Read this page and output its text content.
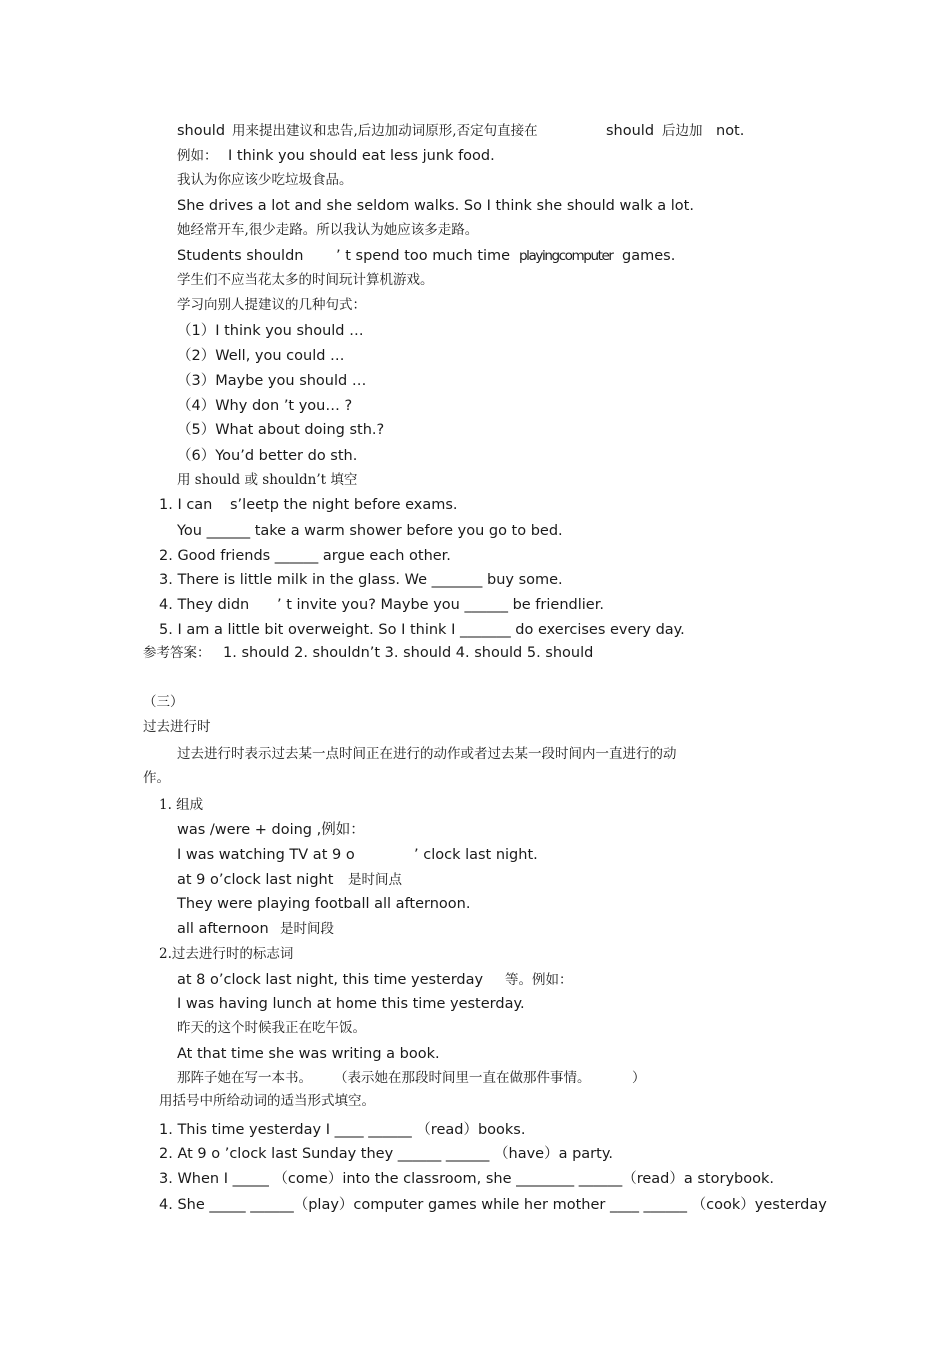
should 用来提出建议和忠告,后边加动词原形,否定句直接在	should 后边加 not.
例如： I think you should eat less junk food.
我认为你应该少吃垃圾食品。
She drives a lot and she seldom walks. So I think she should walk a lot.
她经常开车,很少走路。所以我认为她应该多走路。
Students shouldn ’ t spend too much time playingcomputer games.
学生们不应当花太多的时间玩计算机游戏。
学习向别人提建议的几种句式：
（1）I think you should …
（2）Well, you could …
（3）Maybe you should …
（4）Why don ’t you… ?
（5）What about doing sth.?
（6）You’d better do sth.
用 should 或 shouldn’t 填空
1. I can s’leetp the night before exams.
You ______ take a warm shower before you go to bed.
2. Good friends ______ argue each other.
3. There is little milk in the glass. We _______ buy some.
4. They didn ’ t invite you? Maybe you ______ be friendlier.
5. I am a little bit overweight. So I think I _______ do exercises every day.
参考答案： 1. should 2. shouldn’t 3. should 4. should 5. should
（三）
过去进行时
过去进行时表示过去某一点时间正在进行的动作或者过去某一段时间内一直进行的动
作。
1. 组成
was /were + doing ,例如：
I was watching TV at 9 o	’ clock last night.
at 9 o’clock last night 是时间点
They were playing football all afternoon.
all afternoon 是时间段
2.过去进行时的标志词
at 8 o’clock last night, this time yesterday 等。例如：
I was having lunch at home this time yesterday.
昨天的这个时候我正在吃午饭。
At that time she was writing a book.
那阵子她在写一本书。 （表示她在那段时间里一直在做那件事情。	）
用括号中所给动词的适当形式填空。
1. This time yesterday I ____ ______ （read）books.
2. At 9 o ’clock last Sunday they ______ ______ （have）a party.
3. When I _____ （come）into the classroom, she ________ ______（read）a storybook.
4. She _____ ______（play）computer games while her mother ____ ______ （cook）yesterday
